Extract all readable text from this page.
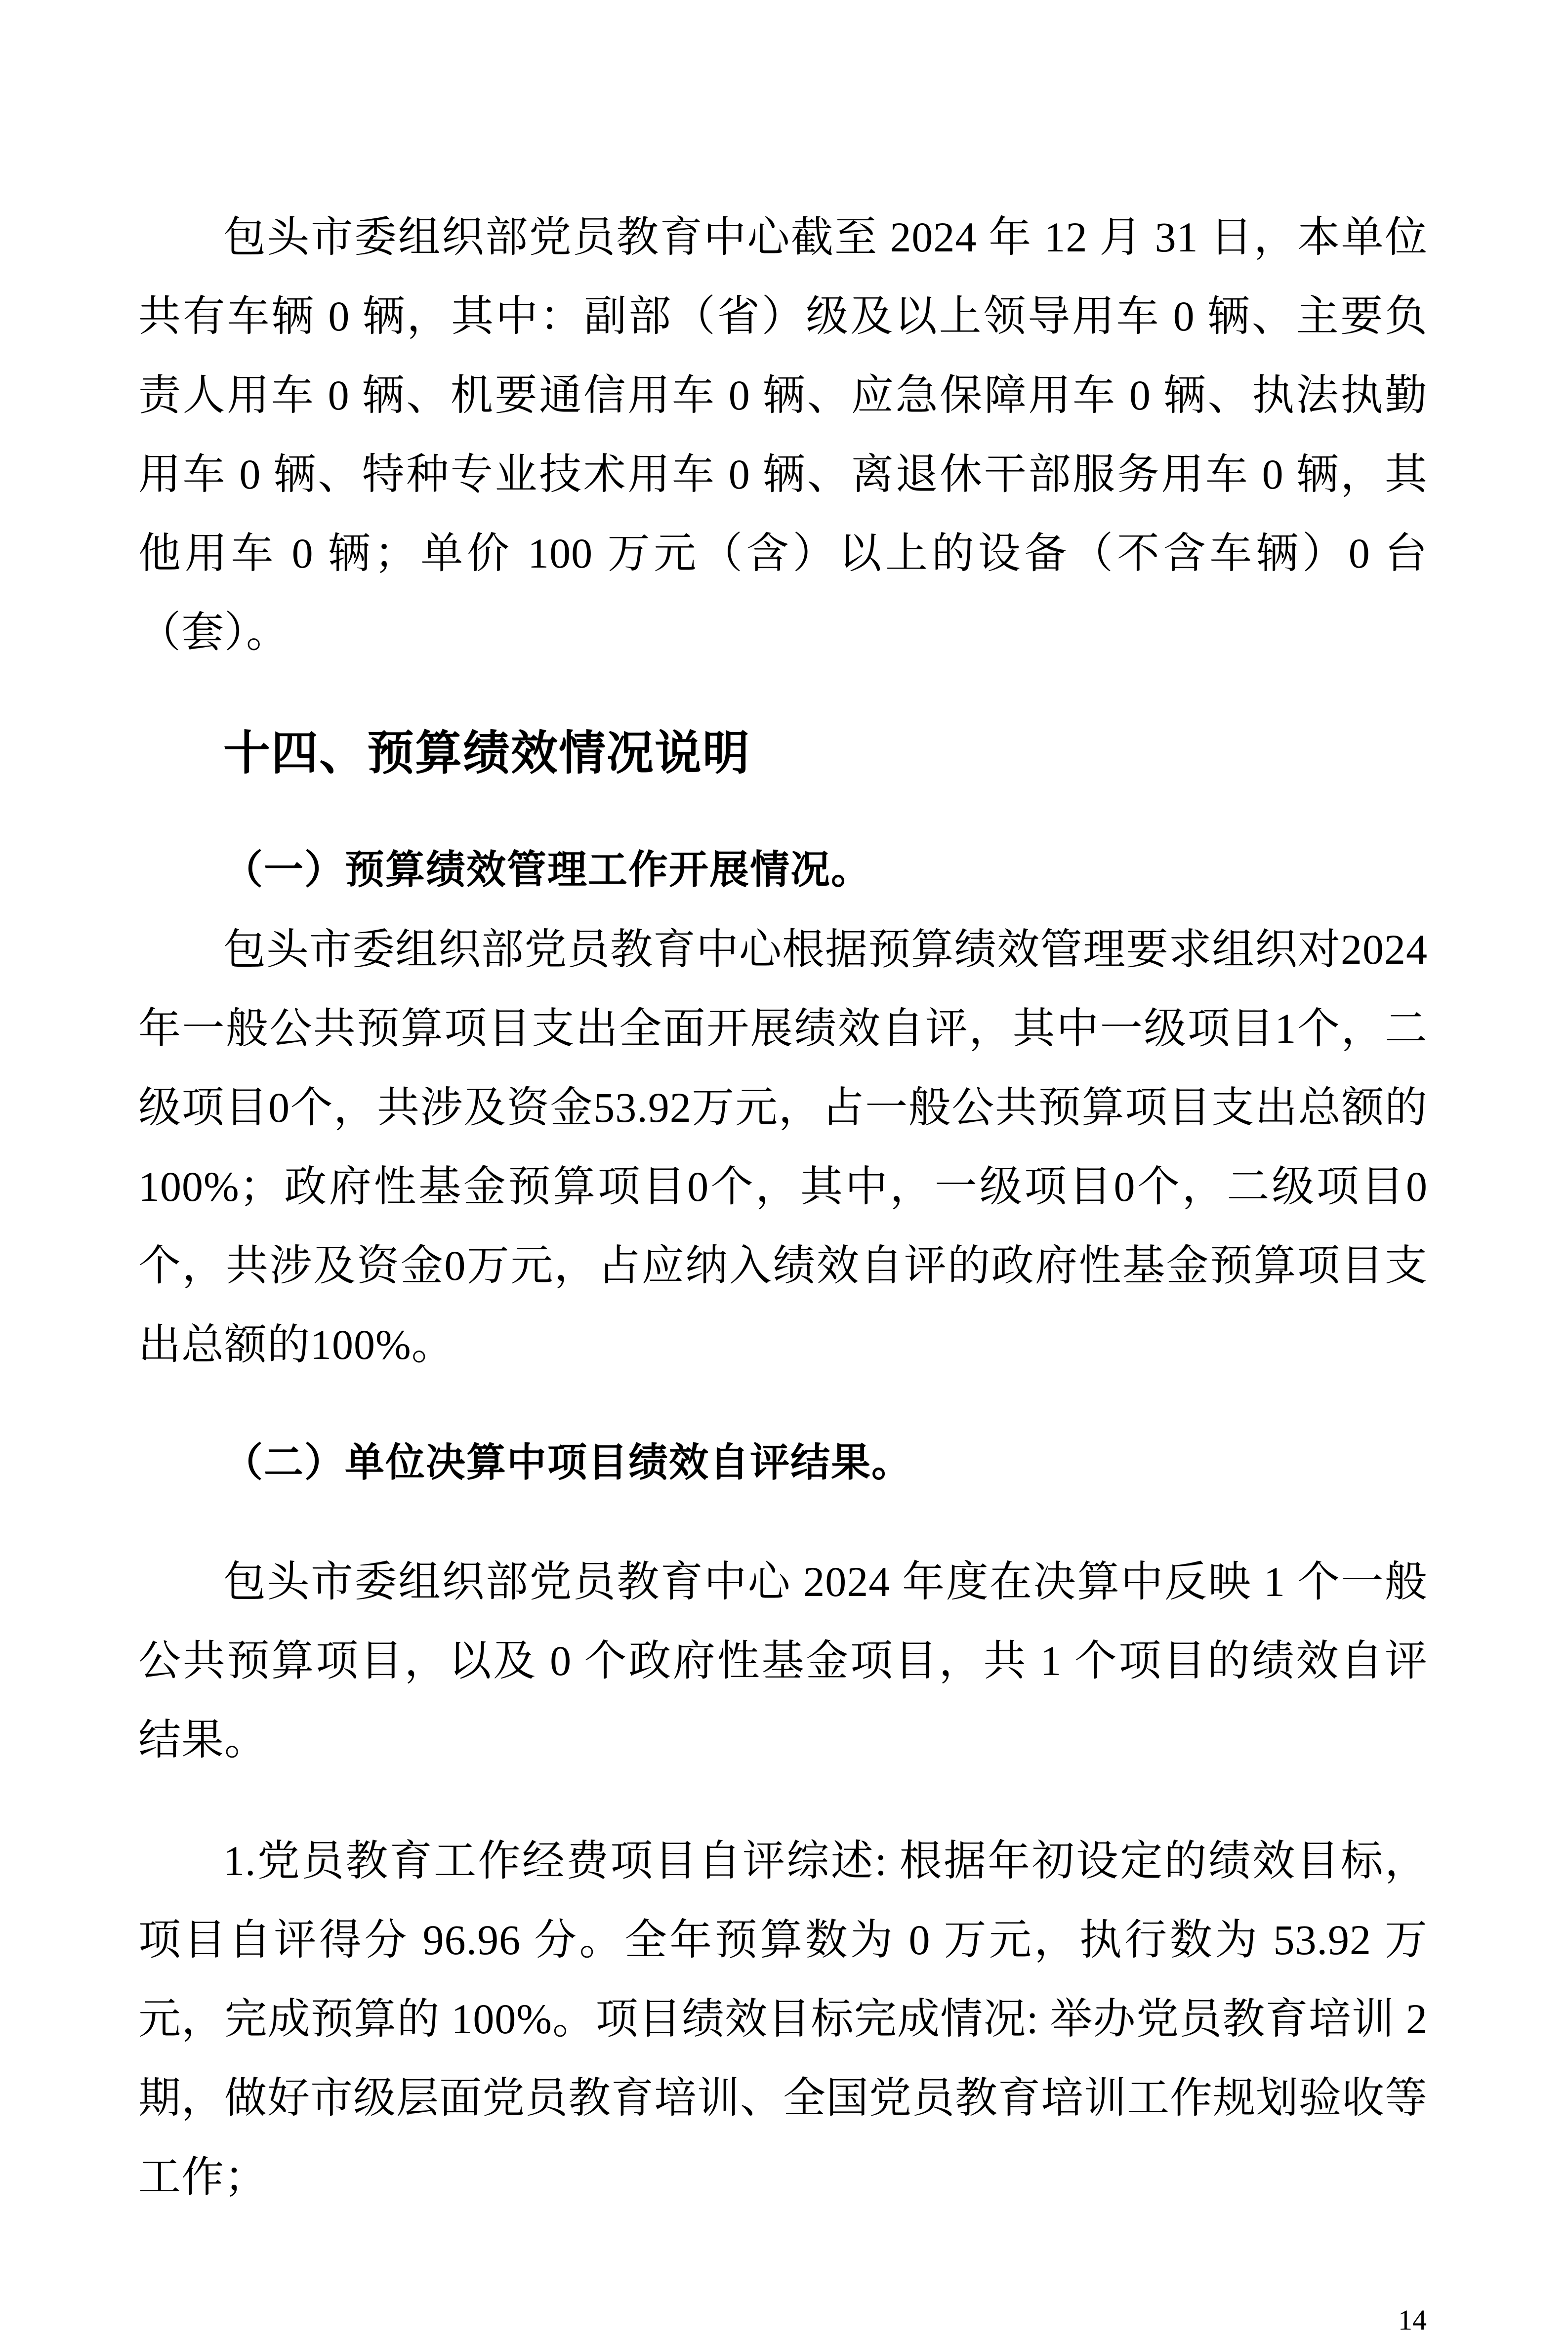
包头市委组织部党员教育中心截至 2024 年 12 月 31 日，本单位共有车辆 0 辆，其中：副部（省）级及以上领导用车 0 辆、主要负责人用车 0 辆、机要通信用车 0 辆、应急保障用车 0 辆、执法执勤用车 0 辆、特种专业技术用车 0 辆、离退休干部服务用车 0 辆，其他用车 0 辆；单价 100 万元（含）以上的设备（不含车辆）0 台（套）。

十四、预算绩效情况说明
（一）预算绩效管理工作开展情况。

包头市委组织部党员教育中心根据预算绩效管理要求组织对2024年一般公共预算项目支出全面开展绩效自评，其中一级项目1个，二级项目0个，共涉及资金53.92万元，占一般公共预算项目支出总额的100%；政府性基金预算项目0个，其中，一级项目0个，二级项目0个，共涉及资金0万元，占应纳入绩效自评的政府性基金预算项目支出总额的100%。

（二）单位决算中项目绩效自评结果。

包头市委组织部党员教育中心 2024 年度在决算中反映 1 个一般公共预算项目，以及 0 个政府性基金项目，共 1 个项目的绩效自评结果。

1.党员教育工作经费项目自评综述: 根据年初设定的绩效目标，项目自评得分 96.96 分。全年预算数为 0 万元，执行数为 53.92 万元，完成预算的 100%。项目绩效目标完成情况: 举办党员教育培训 2 期，做好市级层面党员教育培训、全国党员教育培训工作规划验收等工作；

14
